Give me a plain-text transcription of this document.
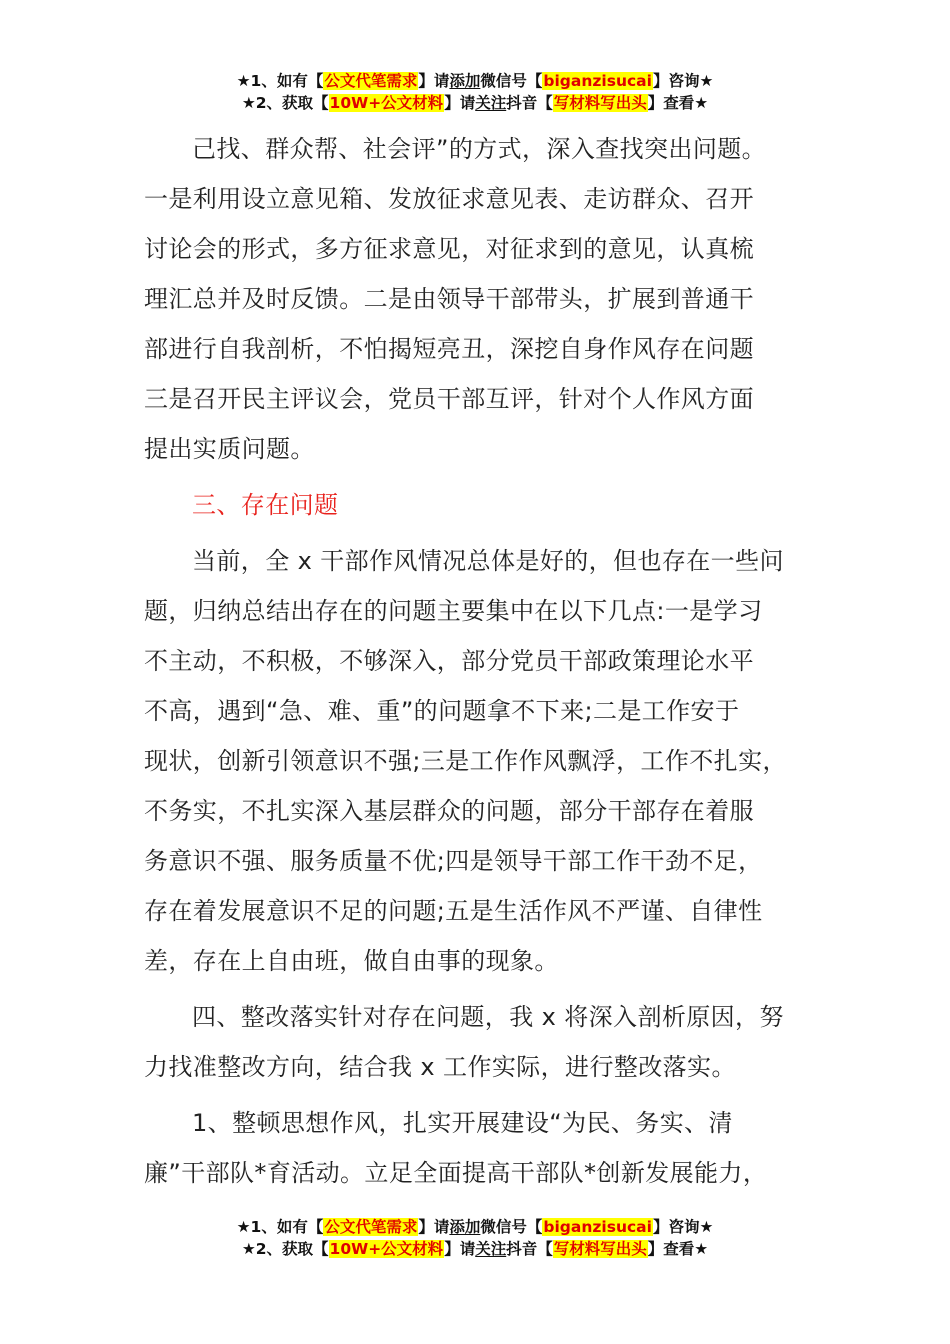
★1、如有【公文代笔需求】请添加微信号【biganzisucai】咨询★
★2、获取【10W+公文材料】请关注抖音【写材料写出头】查看★

己找、群众帮、社会评”的方式，深入查找突出问题。

一是利用设立意见箱、发放征求意见表、走访群众、召开

讨论会的形式，多方征求意见，对征求到的意见，认真梳

理汇总并及时反馈。二是由领导干部带头，扩展到普通干

部进行自我剖析，不怕揭短亮丑，深挖自身作风存在问题

三是召开民主评议会，党员干部互评，针对个人作风方面

提出实质问题。

三、存在问题

当前，全 x 干部作风情况总体是好的，但也存在一些问

题，归纳总结出存在的问题主要集中在以下几点:一是学习

不主动，不积极，不够深入，部分党员干部政策理论水平

不高，遇到“急、难、重”的问题拿不下来;二是工作安于

现状，创新引领意识不强;三是工作作风飘浮，工作不扎实，

不务实，不扎实深入基层群众的问题，部分干部存在着服

务意识不强、服务质量不优;四是领导干部工作干劲不足，

存在着发展意识不足的问题;五是生活作风不严谨、自律性

差，存在上自由班，做自由事的现象。

四、整改落实针对存在问题，我 x 将深入剖析原因，努

力找准整改方向，结合我 x 工作实际，进行整改落实。

1、整顿思想作风，扎实开展建设“为民、务实、清

廉”干部队*育活动。立足全面提高干部队*创新发展能力，

★1、如有【公文代笔需求】请添加微信号【biganzisucai】咨询★
★2、获取【10W+公文材料】请关注抖音【写材料写出头】查看★
